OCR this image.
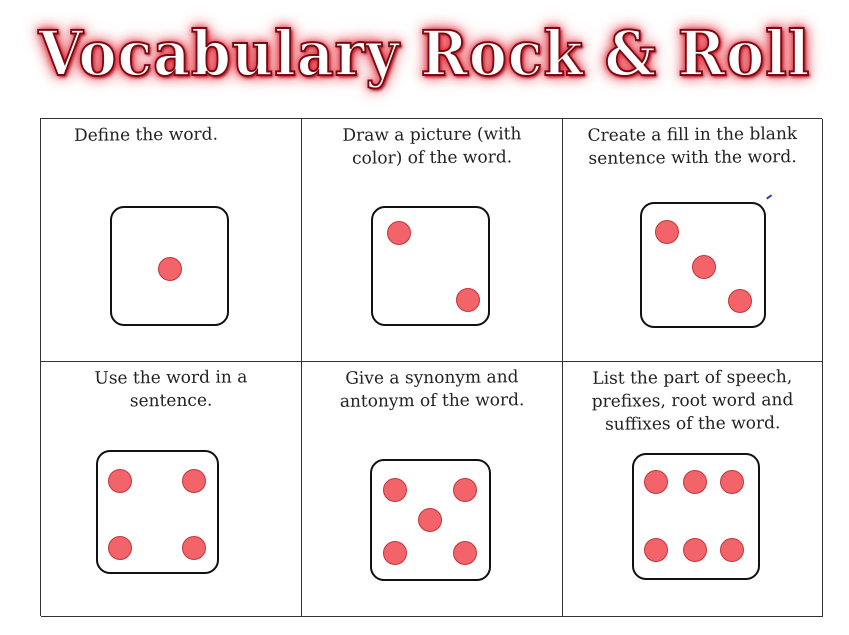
Vocabulary Rock & Roll
Define the word.	Draw a picture (with color) of the word.
Create a fill in the blank sentence with the word.
Use the word in a sentence.
Give a synonym and antonym of the word.
List the part of speech, prefixes, root word and suffixes of the word.
